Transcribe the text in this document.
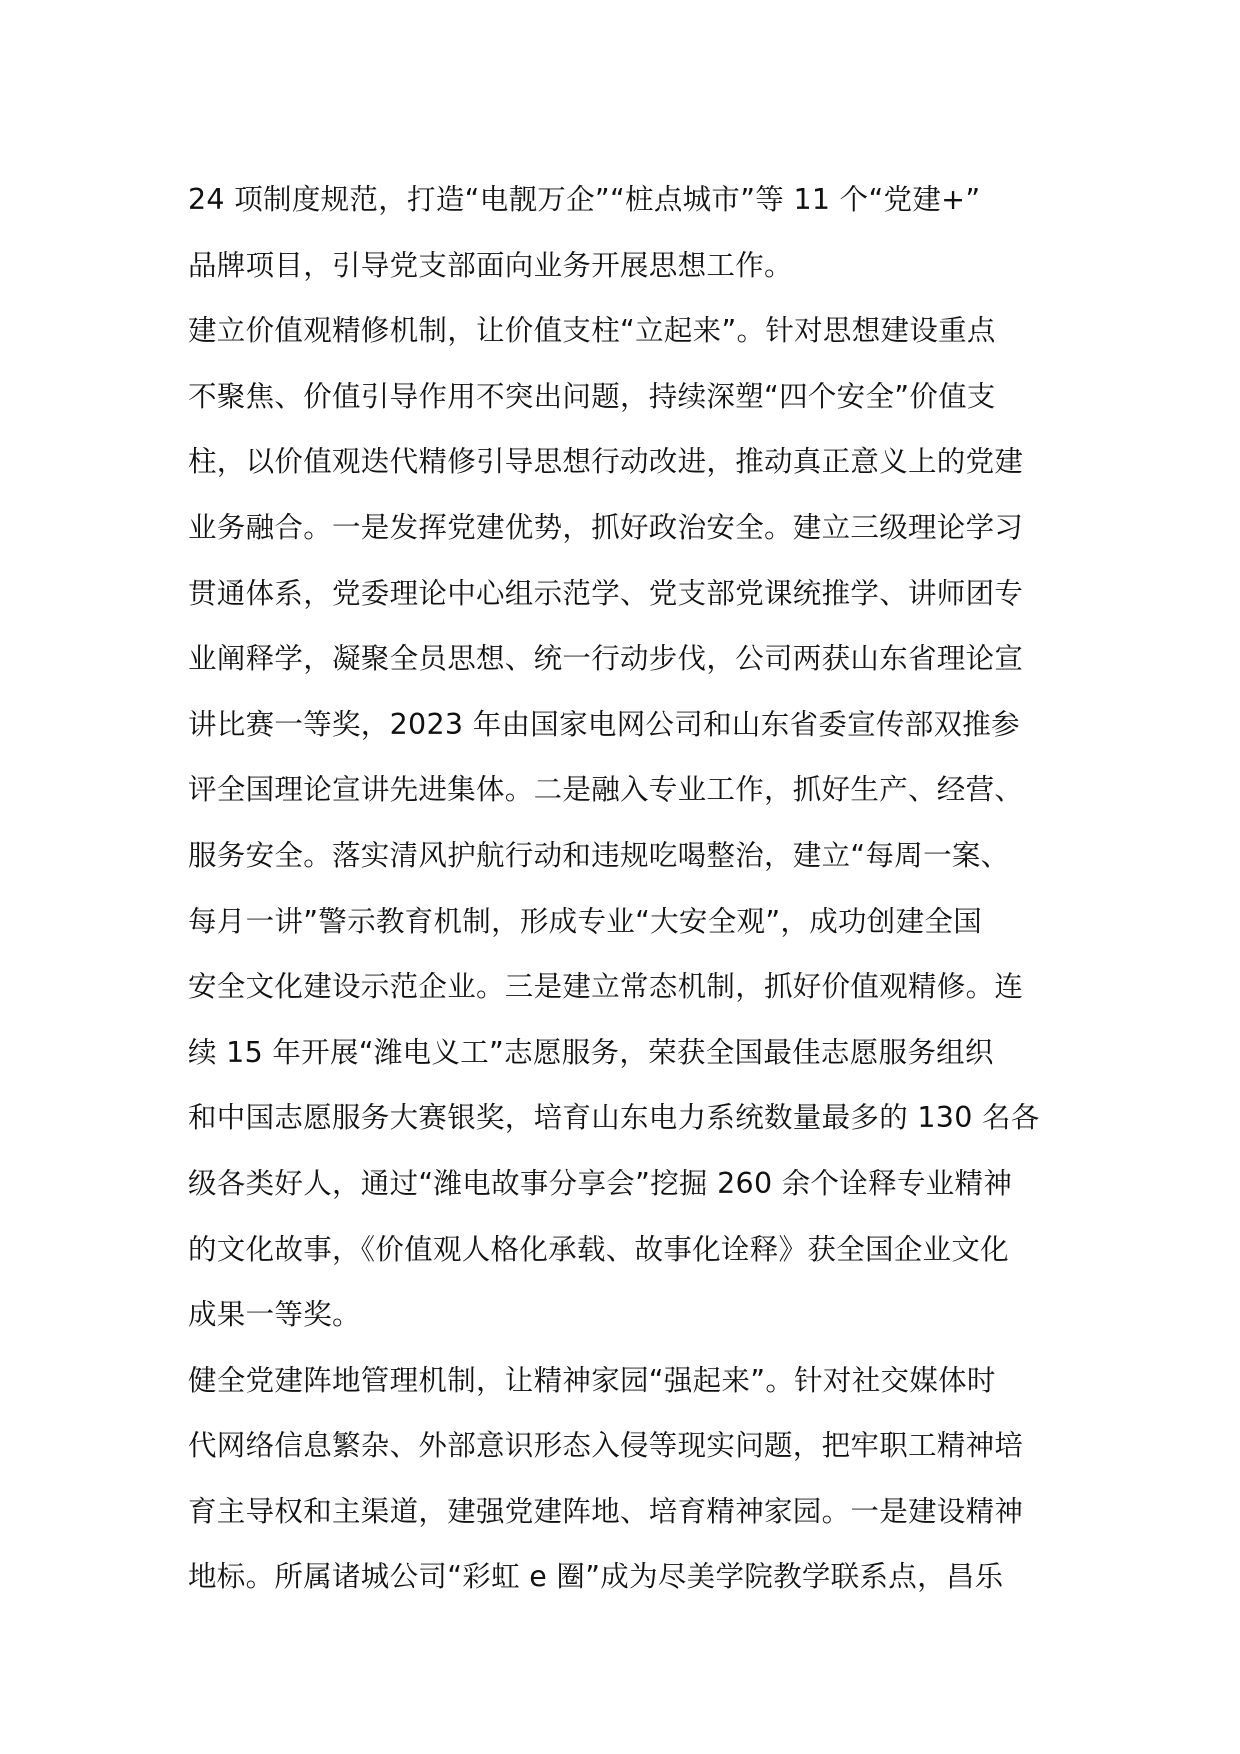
24 项制度规范，打造“电靓万企”“桩点城市”等 11 个“党建+”
品牌项目，引导党支部面向业务开展思想工作。
建立价值观精修机制，让价值支柱“立起来”。针对思想建设重点
不聚焦、价值引导作用不突出问题，持续深塑“四个安全”价值支
柱，以价值观迭代精修引导思想行动改进，推动真正意义上的党建
业务融合。一是发挥党建优势，抓好政治安全。建立三级理论学习
贯通体系，党委理论中心组示范学、党支部党课统推学、讲师团专
业阐释学，凝聚全员思想、统一行动步伐，公司两获山东省理论宣
讲比赛一等奖，2023 年由国家电网公司和山东省委宣传部双推参
评全国理论宣讲先进集体。二是融入专业工作，抓好生产、经营、
服务安全。落实清风护航行动和违规吃喝整治，建立“每周一案、
每月一讲”警示教育机制，形成专业“大安全观”，成功创建全国
安全文化建设示范企业。三是建立常态机制，抓好价值观精修。连
续 15 年开展“潍电义工”志愿服务，荣获全国最佳志愿服务组织
和中国志愿服务大赛银奖，培育山东电力系统数量最多的 130 名各
级各类好人，通过“潍电故事分享会”挖掘 260 余个诠释专业精神
的文化故事，《价值观人格化承载、故事化诠释》获全国企业文化
成果一等奖。
健全党建阵地管理机制，让精神家园“强起来”。针对社交媒体时
代网络信息繁杂、外部意识形态入侵等现实问题，把牢职工精神培
育主导权和主渠道，建强党建阵地、培育精神家园。一是建设精神
地标。所属诸城公司“彩虹 e 圈”成为尽美学院教学联系点，昌乐
